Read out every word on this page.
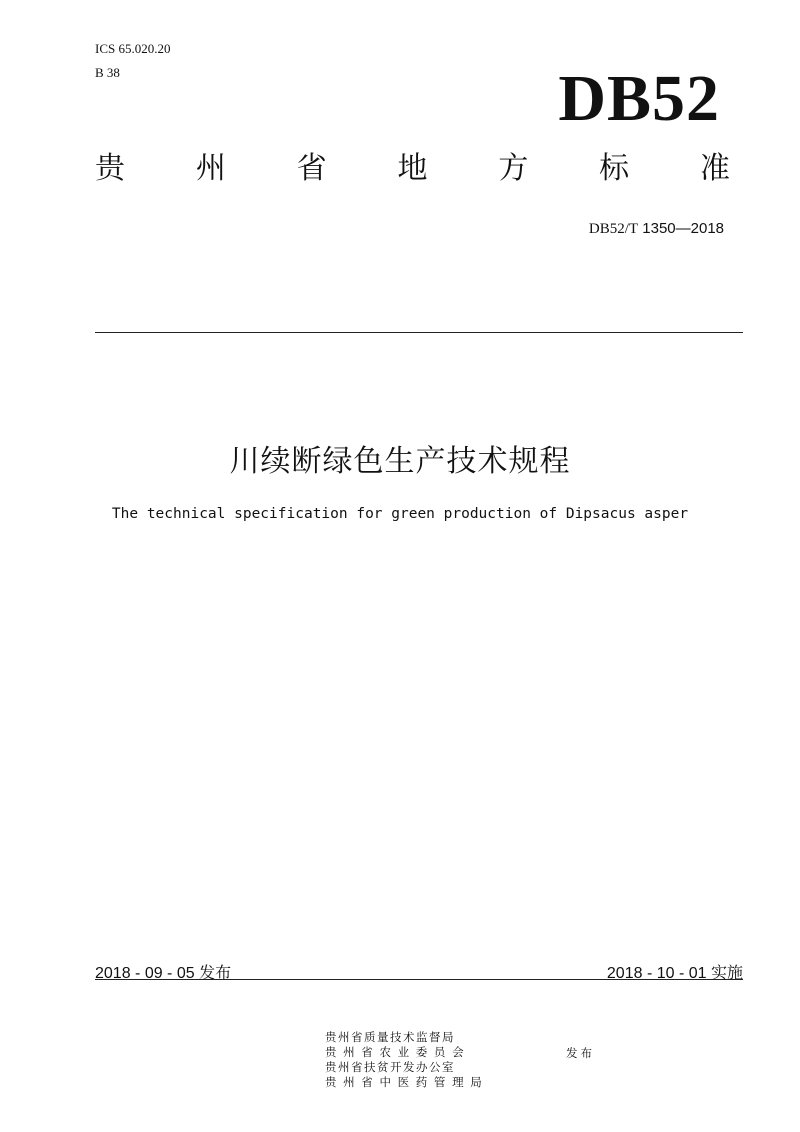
ICS 65.020.20
B 38	DB52
贵 州 省 地 方 标 准
DB52/T 1350—2018
川续断绿色生产技术规程
The technical specification for green production of Dipsacus asper
2018 - 09 - 05 发布	2018 - 10 - 01 实施
贵州省质量技术监督局
贵 州 省 农 业 委 员 会
贵州省扶贫开发办公室
贵 州 省 中 医 药 管 理 局
发布
